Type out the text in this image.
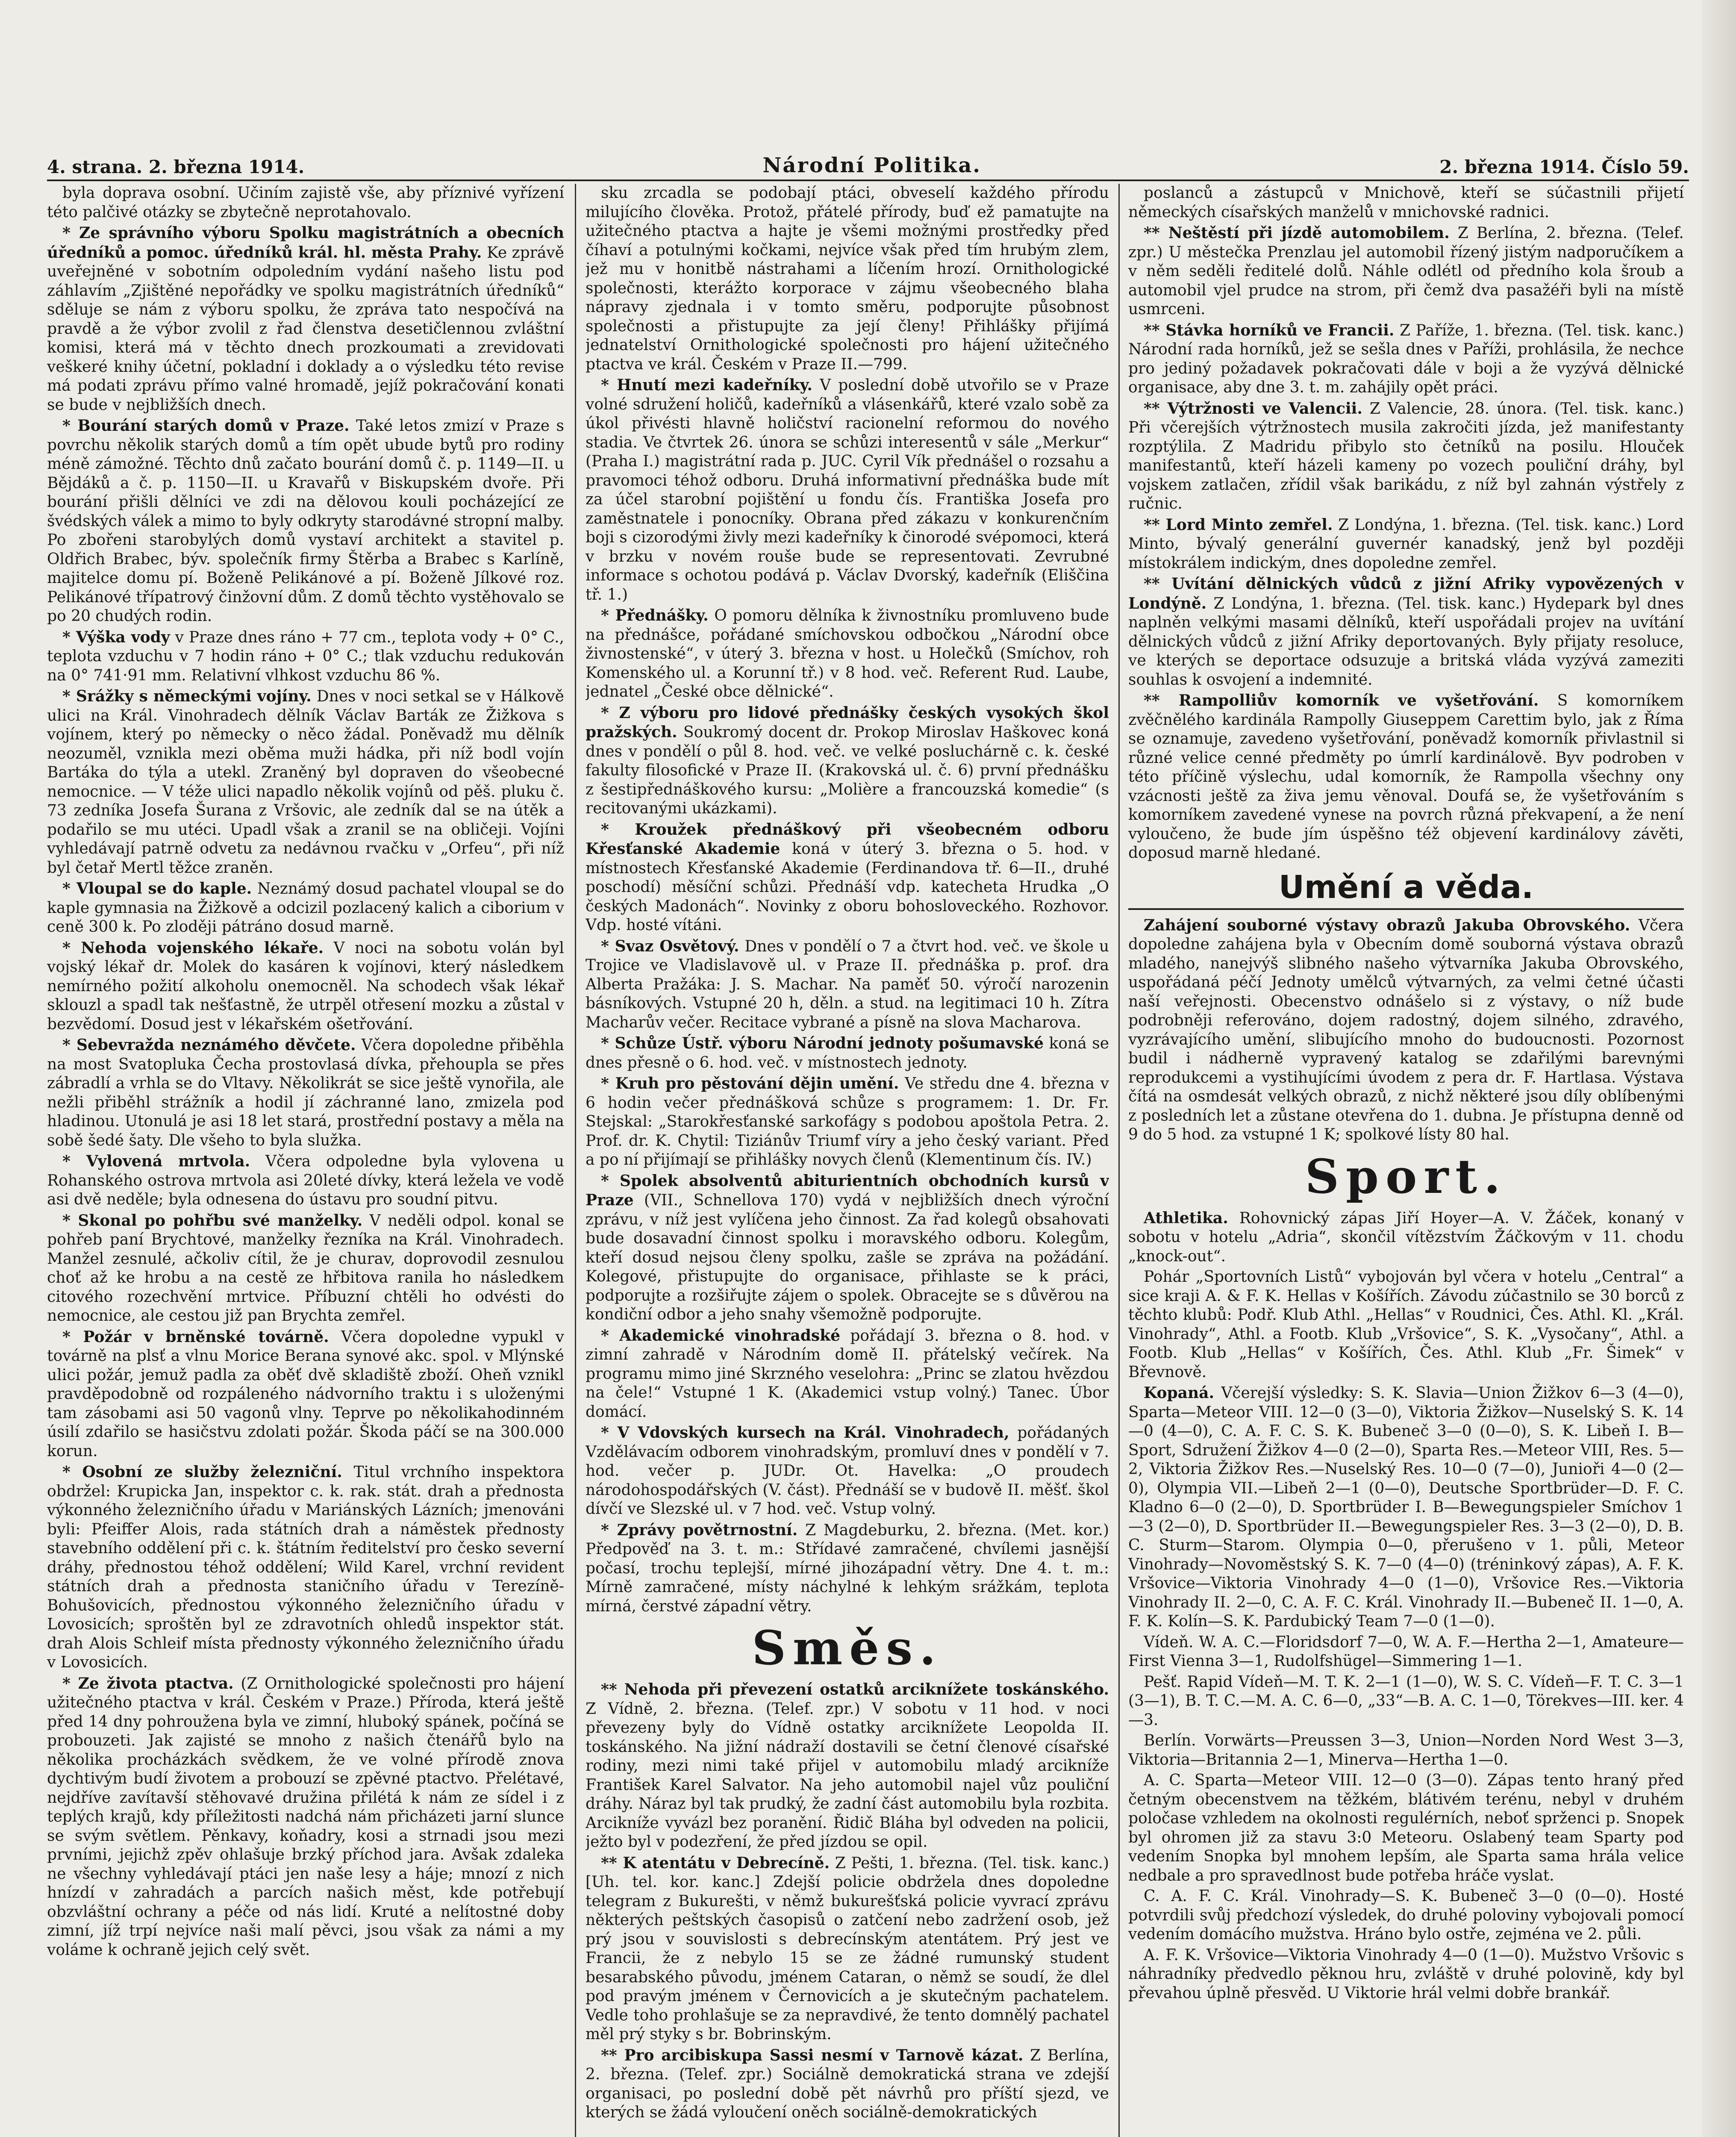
4. strana. 2. března 1914.	Národní Politika.	2. března 1914. Číslo 59.

byla doprava osobní. Učiním zajistě vše, aby příznivé vyřízení této palčivé otázky se zbytečně neprotahovalo.

* Ze správního výboru Spolku magistrátních a obecních úředníků a pomoc. úředníků král. hl. města Prahy. Ke zprávě uveřejněné v sobotním odpoledním vydání našeho listu pod záhlavím „Zjištěné nepořádky ve spolku magistrátních úředníků“ sděluje se nám z výboru spolku, že zpráva tato nespočívá na pravdě a že výbor zvolil z řad členstva desetičlennou zvláštní komisi, která má v těchto dnech prozkoumati a zrevidovati veškeré knihy účetní, pokladní i doklady a o výsledku této revise má podati zprávu přímo valné hromadě, jejíž pokračování konati se bude v nejbližších dnech.

* Bourání starých domů v Praze. Také letos zmizí v Praze s povrchu několik starých domů a tím opět ubude bytů pro rodiny méně zámožné. Těchto dnů začato bourání domů č. p. 1149—II. u Bějdáků a č. p. 1150—II. u Kravařů v Biskupském dvoře. Při bourání přišli dělníci ve zdi na dělovou kouli pocházející ze švédských válek a mimo to byly odkryty starodávné stropní malby. Po zbořeni starobylých domů vystaví architekt a stavitel p. Oldřich Brabec, býv. společník firmy Štěrba a Brabec s Karlíně, majitelce domu pí. Boženě Pelikánové a pí. Boženě Jílkové roz. Pelikánové třípatrový činžovní dům. Z domů těchto vystěhovalo se po 20 chudých rodin.

* Výška vody v Praze dnes ráno + 77 cm., teplota vody + 0° C., teplota vzduchu v 7 hodin ráno + 0° C.; tlak vzduchu redukován na 0° 741·91 mm. Relativní vlhkost vzduchu 86 %.

* Srážky s německými vojíny. Dnes v noci setkal se v Hálkově ulici na Král. Vinohradech dělník Václav Barták ze Žižkova s vojínem, který po německy o něco žádal. Poněvadž mu dělník neozuměl, vznikla mezi oběma muži hádka, při níž bodl vojín Bartáka do týla a utekl. Zraněný byl dopraven do všeobecné nemocnice. — V téže ulici napadlo několik vojínů od pěš. pluku č. 73 zedníka Josefa Šurana z Vršovic, ale zedník dal se na útěk a podařilo se mu utéci. Upadl však a zranil se na obličeji. Vojíni vyhledávají patrně odvetu za nedávnou rvačku v „Orfeu“, při níž byl četař Mertl těžce zraněn.

* Vloupal se do kaple. Neznámý dosud pachatel vloupal se do kaple gymnasia na Žižkově a odcizil pozlacený kalich a ciborium v ceně 300 k. Po zloději pátráno dosud marně.

* Nehoda vojenského lékaře. V noci na sobotu volán byl vojský lékař dr. Molek do kasáren k vojínovi, který následkem nemírného požití alkoholu onemocněl. Na schodech však lékař sklouzl a spadl tak nešťastně, že utrpěl otřesení mozku a zůstal v bezvědomí. Dosud jest v lékařském ošetřování.

* Sebevražda neznámého děvčete. Včera dopoledne přiběhla na most Svatopluka Čecha prostovlasá dívka, přehoupla se přes zábradlí a vrhla se do Vltavy. Několikrát se sice ještě vynořila, ale nežli přiběhl strážník a hodil jí záchranné lano, zmizela pod hladinou. Utonulá je asi 18 let stará, prostřední postavy a měla na sobě šedé šaty. Dle všeho to byla služka.

* Vylovená mrtvola. Včera odpoledne byla vylovena u Rohanského ostrova mrtvola asi 20leté dívky, která ležela ve vodě asi dvě neděle; byla odnesena do ústavu pro soudní pitvu.

* Skonal po pohřbu své manželky. V neděli odpol. konal se pohřeb paní Brychtové, manželky řezníka na Král. Vinohradech. Manžel zesnulé, ačkoliv cítil, že je churav, doprovodil zesnulou choť až ke hrobu a na cestě ze hřbitova ranila ho následkem citového rozechvění mrtvice. Příbuzní chtěli ho odvésti do nemocnice, ale cestou již pan Brychta zemřel.

* Požár v brněnské továrně. Včera dopoledne vypukl v továrně na plsť a vlnu Morice Berana synové akc. spol. v Mlýnské ulici požár, jemuž padla za oběť dvě skladiště zboží. Oheň vznikl pravděpodobně od rozpáleného nádvorního traktu i s uloženými tam zásobami asi 50 vagonů vlny. Teprve po několikahodinném úsilí zdařilo se hasičstvu zdolati požár. Škoda páčí se na 300.000 korun.

* Osobní ze služby železniční. Titul vrchního inspektora obdržel: Krupicka Jan, inspektor c. k. rak. stát. drah a přednosta výkonného železničního úřadu v Mariánských Lázních; jmenováni byli: Pfeiffer Alois, rada státních drah a náměstek přednosty stavebního oddělení při c. k. štátním ředitelství pro česko severní dráhy, přednostou téhož oddělení; Wild Karel, vrchní revident státních drah a přednosta staničního úřadu v Terezíně-Bohušovicích, přednostou výkonného železničního úřadu v Lovosicích; sproštěn byl ze zdravotních ohledů inspektor stát. drah Alois Schleif místa přednosty výkonného železničního úřadu v Lovosicích.

* Ze života ptactva. (Z Ornithologické společnosti pro hájení užitečného ptactva v král. Českém v Praze.) Příroda, která ještě před 14 dny pohroužena byla ve zimní, hluboký spánek, počíná se probouzeti. Jak zajisté se mnoho z našich čtenářů bylo na několika procházkách svědkem, že ve volné přírodě znova dychtivým budí životem a probouzí se zpěvné ptactvo. Přelétavé, nejdříve zavítavší stěhovavé družina přilétá k nám ze sídel i z teplých krajů, kdy příležitosti nadchá nám přicházeti jarní slunce se svým světlem. Pěnkavy, koňadry, kosi a strnadi jsou mezi prvními, jejichž zpěv ohlašuje brzký příchod jara. Avšak zdaleka ne všechny vyhledávají ptáci jen naše lesy a háje; mnozí z nich hnízdí v zahradách a parcích našich měst, kde potřebují obzvláštní ochrany a péče od nás lidí. Kruté a nelítostné doby zimní, jíž trpí nejvíce naši malí pěvci, jsou však za námi a my voláme k ochraně jejich celý svět.

sku zrcadla se podobají ptáci, obveselí každého přírodu milujícího člověka. Protož, přátelé přírody, buď ež pamatujte na užitečného ptactva a hajte je všemi možnými prostředky před číhaví a potulnými kočkami, nejvíce však před tím hrubým zlem, jež mu v honitbě nástrahami a líčením hrozí. Ornithologické společnosti, kterážto korporace v zájmu všeobecného blaha nápravy zjednala i v tomto směru, podporujte působnost společnosti a přistupujte za její členy! Přihlášky přijímá jednatelství Ornithologické společnosti pro hájení užitečného ptactva ve král. Českém v Praze II.—799.

* Hnutí mezi kadeřníky. V poslední době utvořilo se v Praze volné sdružení holičů, kadeřníků a vlásenkářů, které vzalo sobě za úkol přivésti hlavně holičství racionelní reformou do nového stadia. Ve čtvrtek 26. února se schůzi interesentů v sále „Merkur“ (Praha I.) magistrátní rada p. JUC. Cyril Vík přednášel o rozsahu a pravomoci téhož odboru. Druhá informativní přednáška bude mít za účel starobní pojištění u fondu čís. Františka Josefa pro zaměstnatele i ponocníky. Obrana před zákazu v konkurenčním boji s cizorodými živly mezi kadeřníky k činorodé svépomoci, která v brzku v novém rouše bude se representovati. Zevrubné informace s ochotou podává p. Václav Dvorský, kadeřník (Eliščina tř. 1.)

* Přednášky. O pomoru dělníka k živnostníku promluveno bude na přednášce, pořádané smíchovskou odbočkou „Národní obce živnostenské“, v úterý 3. března v host. u Holečků (Smíchov, roh Komenského ul. a Korunní tř.) v 8 hod. več. Referent Rud. Laube, jednatel „České obce dělnické“.

* Z výboru pro lidové přednášky českých vysokých škol pražských. Soukromý docent dr. Prokop Miroslav Haškovec koná dnes v pondělí o půl 8. hod. več. ve velké posluchárně c. k. české fakulty filosofické v Praze II. (Krakovská ul. č. 6) první přednášku z šestipřednáškového kursu: „Molière a francouzská komedie“ (s recitovanými ukázkami).

* Kroužek přednáškový při všeobecném odboru Křesťanské Akademie koná v úterý 3. března o 5. hod. v místnostech Křesťanské Akademie (Ferdinandova tř. 6—II., druhé poschodí) měsíční schůzi. Přednáší vdp. katecheta Hrudka „O českých Madonách“. Novinky z oboru bohosloveckého. Rozhovor. Vdp. hosté vítáni.

* Svaz Osvětový. Dnes v pondělí o 7 a čtvrt hod. več. ve škole u Trojice ve Vladislavově ul. v Praze II. přednáška p. prof. dra Alberta Pražáka: J. S. Machar. Na paměť 50. výročí narozenin básníkových. Vstupné 20 h, děln. a stud. na legitimaci 10 h. Zítra Macharův večer. Recitace vybrané a písně na slova Macharova.

* Schůze Ústř. výboru Národní jednoty pošumavské koná se dnes přesně o 6. hod. več. v místnostech jednoty.

* Kruh pro pěstování dějin umění. Ve středu dne 4. března v 6 hodin večer přednášková schůze s programem: 1. Dr. Fr. Stejskal: „Starokřesťanské sarkofágy s podobou apoštola Petra. 2. Prof. dr. K. Chytil: Tiziánův Triumf víry a jeho český variant. Před a po ní přijímají se přihlášky novych členů (Klementinum čís. IV.)

* Spolek absolventů abiturientních obchodních kursů v Praze (VII., Schnellova 170) vydá v nejbližších dnech výroční zprávu, v níž jest vylíčena jeho činnost. Za řad kolegů obsahovati bude dosavadní činnost spolku i moravského odboru. Kolegům, kteří dosud nejsou členy spolku, zašle se zpráva na požádání. Kolegové, přistupujte do organisace, přihlaste se k práci, podporujte a rozšiřujte zájem o spolek. Obracejte se s důvěrou na kondiční odbor a jeho snahy všemožně podporujte.

* Akademické vinohradské pořádají 3. března o 8. hod. v zimní zahradě v Národním domě II. přátelský večírek. Na programu mimo jiné Skrzného veselohra: „Princ se zlatou hvězdou na čele!“ Vstupné 1 K. (Akademici vstup volný.) Tanec. Úbor domácí.

* V Vdovských kursech na Král. Vinohradech, pořádaných Vzdělávacím odborem vinohradským, promluví dnes v pondělí v 7. hod. večer p. JUDr. Ot. Havelka: „O proudech národohospodářských (V. část). Přednáší se v budově II. měšť. škol dívčí ve Slezské ul. v 7 hod. več. Vstup volný.

* Zprávy povětrnostní. Z Magdeburku, 2. března. (Met. kor.) Předpověď na 3. t. m.: Střídavé zamračené, chvílemi jasnější počasí, trochu teplejší, mírné jihozápadní větry. Dne 4. t. m.: Mírně zamračené, místy náchylné k lehkým srážkám, teplota mírná, čerstvé západní větry.

Směs.

** Nehoda při převezení ostatků arciknížete toskánského. Z Vídně, 2. března. (Telef. zpr.) V sobotu v 11 hod. v noci převezeny byly do Vídně ostatky arciknížete Leopolda II. toskánského. Na jižní nádraží dostavili se četní členové císařské rodiny, mezi nimi také přijel v automobilu mladý arcikníže František Karel Salvator. Na jeho automobil najel vůz pouliční dráhy. Náraz byl tak prudký, že zadní část automobilu byla rozbita. Arcikníže vyvázl bez poranění. Řidič Bláha byl odveden na policii, ježto byl v podezření, že před jízdou se opil.

** K atentátu v Debrecíně. Z Pešti, 1. března. (Tel. tisk. kanc.) [Uh. tel. kor. kanc.] Zdejší policie obdržela dnes dopoledne telegram z Bukurešti, v němž bukurešťská policie vyvrací zprávu některých peštských časopisů o zatčení nebo zadržení osob, jež prý jsou v souvislosti s debrecínským atentátem. Prý jest ve Francii, že z nebylo 15 se ze žádné rumunský student besarabského původu, jménem Cataran, o němž se soudí, že dlel pod pravým jménem v Černovicích a je skutečným pachatelem. Vedle toho prohlašuje se za nepravdivé, že tento domnělý pachatel měl prý styky s br. Bobrinským.

** Pro arcibiskupa Sassi nesmí v Tarnově kázat. Z Berlína, 2. března. (Telef. zpr.) Sociálně demokratická strana ve zdejší organisaci, po poslední době pět návrhů pro příští sjezd, ve kterých se žádá vyloučení oněch sociálně-demokratických

poslanců a zástupců v Mnichově, kteří se súčastnili přijetí německých císařských manželů v mnichovské radnici.

** Neštěstí při jízdě automobilem. Z Berlína, 2. března. (Telef. zpr.) U městečka Prenzlau jel automobil řízený jistým nadporučíkem a v něm seděli ředitelé dolů. Náhle odlétl od předního kola šroub a automobil vjel prudce na strom, při čemž dva pasažéři byli na místě usmrceni.

** Stávka horníků ve Francii. Z Paříže, 1. března. (Tel. tisk. kanc.) Národní rada horníků, jež se sešla dnes v Paříži, prohlásila, že nechce pro jediný požadavek pokračovati dále v boji a že vyzývá dělnické organisace, aby dne 3. t. m. zahájily opět práci.

** Výtržnosti ve Valencii. Z Valencie, 28. února. (Tel. tisk. kanc.) Při včerejších výtržnostech musila zakročiti jízda, jež manifestanty rozptýlila. Z Madridu přibylo sto četníků na posilu. Hlouček manifestantů, kteří házeli kameny po vozech pouliční dráhy, byl vojskem zatlačen, zřídil však barikádu, z níž byl zahnán výstřely z ručnic.

** Lord Minto zemřel. Z Londýna, 1. března. (Tel. tisk. kanc.) Lord Minto, bývalý generální guvernér kanadský, jenž byl později místokrálem indickým, dnes dopoledne zemřel.

** Uvítání dělnických vůdců z jižní Afriky vypovězených v Londýně. Z Londýna, 1. března. (Tel. tisk. kanc.) Hydepark byl dnes naplněn velkými masami dělníků, kteří uspořádali projev na uvítání dělnických vůdců z jižní Afriky deportovaných. Byly přijaty resoluce, ve kterých se deportace odsuzuje a britská vláda vyzývá zameziti souhlas k osvojení a indemnité.

** Rampolliův komorník ve vyšetřování. S komorníkem zvěčnělého kardinála Rampolly Giuseppem Carettim bylo, jak z Říma se oznamuje, zavedeno vyšetřování, poněvadž komorník přivlastnil si různé velice cenné předměty po úmrlí kardinálově. Byv podroben v této příčině výslechu, udal komorník, že Rampolla všechny ony vzácnosti ještě za živa jemu věnoval. Doufá se, že vyšetřováním s komorníkem zavedené vynese na povrch různá překvapení, a že není vyloučeno, že bude jím úspěšno též objevení kardinálovy závěti, doposud marně hledané.

Umění a věda.

Zahájení souborné výstavy obrazů Jakuba Obrovského. Včera dopoledne zahájena byla v Obecním domě souborná výstava obrazů mladého, nanejvýš slibného našeho výtvarníka Jakuba Obrovského, uspořádaná péčí Jednoty umělců výtvarných, za velmi četné účasti naší veřejnosti. Obecenstvo odnášelo si z výstavy, o níž bude podrobněji referováno, dojem radostný, dojem silného, zdravého, vyzrávajícího umění, slibujícího mnoho do budoucnosti. Pozornost budil i nádherně vypravený katalog se zdařilými barevnými reprodukcemi a vystihujícími úvodem z pera dr. F. Hartlasa. Výstava čítá na osmdesát velkých obrazů, z nichž některé jsou díly oblíbenými z posledních let a zůstane otevřena do 1. dubna. Je přístupna denně od 9 do 5 hod. za vstupné 1 K; spolkové lísty 80 hal.

Sport.

Athletika. Rohovnický zápas Jiří Hoyer—A. V. Žáček, konaný v sobotu v hotelu „Adria“, skončil vítězstvím Žáčkovým v 11. chodu „knock-out“.

Pohár „Sportovních Listů“ vybojován byl včera v hotelu „Central“ a sice kraji A. & F. K. Hellas v Košířích. Závodu zúčastnilo se 30 borců z těchto klubů: Podř. Klub Athl. „Hellas“ v Roudnici, Čes. Athl. Kl. „Král. Vinohrady“, Athl. a Footb. Klub „Vršovice“, S. K. „Vysočany“, Athl. a Footb. Klub „Hellas“ v Košířích, Čes. Athl. Klub „Fr. Šimek“ v Břevnově.

Kopaná. Včerejší výsledky: S. K. Slavia—Union Žižkov 6—3 (4—0), Sparta—Meteor VIII. 12—0 (3—0), Viktoria Žižkov—Nuselský S. K. 14—0 (4—0), C. A. F. C. S. K. Bubeneč 3—0 (0—0), S. K. Libeň I. B—Sport, Sdružení Žižkov 4—0 (2—0), Sparta Res.—Meteor VIII, Res. 5—2, Viktoria Žižkov Res.—Nuselský Res. 10—0 (7—0), Junioři 4—0 (2—0), Olympia VII.—Libeň 2—1 (0—0), Deutsche Sportbrüder—D. F. C. Kladno 6—0 (2—0), D. Sportbrüder I. B—Bewegungspieler Smíchov 1—3 (2—0), D. Sportbrüder II.—Bewegungspieler Res. 3—3 (2—0), D. B. C. Sturm—Starom. Olympia 0—0, přerušeno v 1. půli, Meteor Vinohrady—Novoměstský S. K. 7—0 (4—0) (tréninkový zápas), A. F. K. Vršovice—Viktoria Vinohrady 4—0 (1—0), Vršovice Res.—Viktoria Vinohrady II. 2—0, C. A. F. C. Král. Vinohrady II.—Bubeneč II. 1—0, A. F. K. Kolín—S. K. Pardubický Team 7—0 (1—0).

Vídeň. W. A. C.—Floridsdorf 7—0, W. A. F.—Hertha 2—1, Amateure—First Vienna 3—1, Rudolfshügel—Simmering 1—1.

Pešť. Rapid Vídeň—M. T. K. 2—1 (1—0), W. S. C. Vídeň—F. T. C. 3—1 (3—1), B. T. C.—M. A. C. 6—0, „33“—B. A. C. 1—0, Törekves—III. ker. 4—3.

Berlín. Vorwärts—Preussen 3—3, Union—Norden Nord West 3—3, Viktoria—Britannia 2—1, Minerva—Hertha 1—0.

A. C. Sparta—Meteor VIII. 12—0 (3—0). Zápas tento hraný před četným obecenstvem na těžkém, blátivém terénu, nebyl v druhém poločase vzhledem na okolnosti regulérních, neboť sprženci p. Snopek byl ohromen již za stavu 3:0 Meteoru. Oslabený team Sparty pod vedením Snopka byl mnohem lepším, ale Sparta sama hrála velice nedbale a pro spravedlnost bude potřeba hráče vyslat.

C. A. F. C. Král. Vinohrady—S. K. Bubeneč 3—0 (0—0). Hosté potvrdili svůj předchozí výsledek, do druhé poloviny vybojovali pomocí vedením domácího mužstva. Hráno bylo ostře, zejména ve 2. půli.

A. F. K. Vršovice—Viktoria Vinohrady 4—0 (1—0). Mužstvo Vršovic s náhradníky předvedlo pěknou hru, zvláště v druhé polovině, kdy byl převahou úplně přesvěd. U Viktorie hrál velmi dobře brankář.
